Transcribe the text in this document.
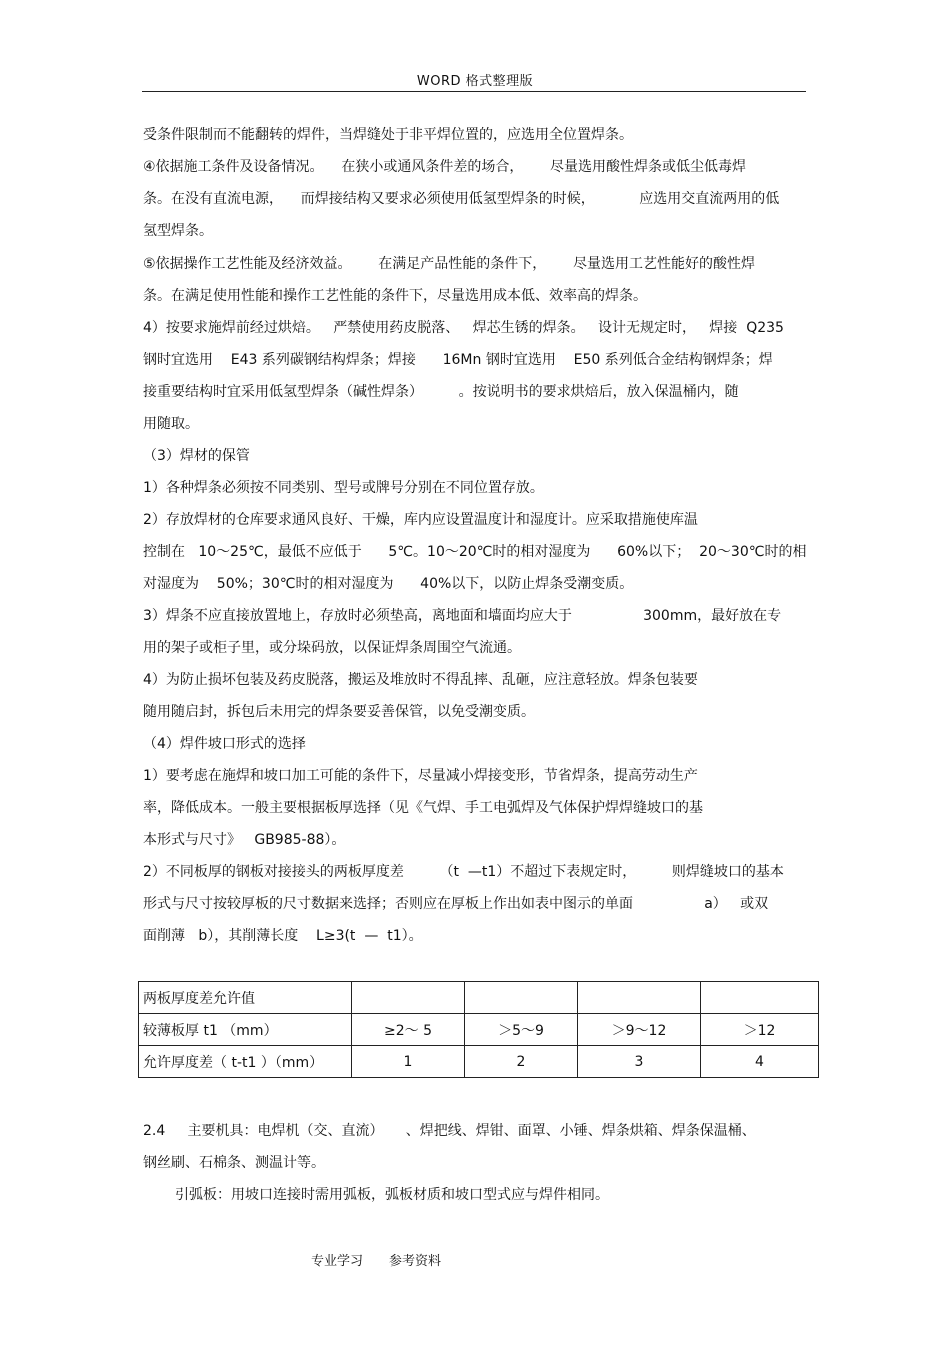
WORD 格式整理版
受条件限制而不能翻转的焊件，当焊缝处于非平焊位置的，应选用全位置焊条。
④依据施工条件及设备情况。    在狭小或通风条件差的场合，      尽量选用酸性焊条或低尘低毒焊
条。在没有直流电源，    而焊接结构又要求必须使用低氢型焊条的时候，          应选用交直流两用的低
氢型焊条。
⑤依据操作工艺性能及经济效益。      在满足产品性能的条件下，      尽量选用工艺性能好的酸性焊
条。在满足使用性能和操作工艺性能的条件下，尽量选用成本低、效率高的焊条。
4）按要求施焊前经过烘焙。   严禁使用药皮脱落、   焊芯生锈的焊条。   设计无规定时，   焊接  Q235
钢时宜选用    E43 系列碳钢结构焊条；焊接      16Mn 钢时宜选用    E50 系列低合金结构钢焊条；焊
接重要结构时宜采用低氢型焊条（碱性焊条）        。按说明书的要求烘焙后，放入保温桶内，随
用随取。
（3）焊材的保管
1）各种焊条必须按不同类别、型号或牌号分别在不同位置存放。
2）存放焊材的仓库要求通风良好、干燥，库内应设置温度计和湿度计。应采取措施使库温
控制在   10～25℃，最低不应低于      5℃。10～20℃时的相对湿度为      60%以下；  20～30℃时的相
对湿度为    50%；30℃时的相对湿度为      40%以下，以防止焊条受潮变质。
3）焊条不应直接放置地上，存放时必须垫高，离地面和墙面均应大于                300mm，最好放在专
用的架子或柜子里，或分垛码放，以保证焊条周围空气流通。
4）为防止损坏包装及药皮脱落，搬运及堆放时不得乱摔、乱砸，应注意轻放。焊条包装要
随用随启封，拆包后未用完的焊条要妥善保管，以免受潮变质。
（4）焊件坡口形式的选择
1）要考虑在施焊和坡口加工可能的条件下，尽量减小焊接变形，节省焊条，提高劳动生产
率，降低成本。一般主要根据板厚选择（见《气焊、手工电弧焊及气体保护焊焊缝坡口的基
本形式与尺寸》   GB985-88）。
2）不同板厚的钢板对接接头的两板厚度差        （t  —t1）不超过下表规定时，        则焊缝坡口的基本
形式与尺寸按较厚板的尺寸数据来选择；否则应在厚板上作出如表中图示的单面                a）   或双
面削薄   b），其削薄长度    L≥3(t  —  t1）。
两板厚度差允许值				
较薄板厚 t1 （mm）	≥2～ 5	＞5～9	＞9～12	＞12
允许厚度差（ t-t1 ）（mm）	1	2	3	4
2.4     主要机具：电焊机（交、直流）     、焊把线、焊钳、面罩、小锤、焊条烘箱、焊条保温桶、
钢丝刷、石棉条、测温计等。
引弧板：用坡口连接时需用弧板，弧板材质和坡口型式应与焊件相同。
专业学习 参考资料
